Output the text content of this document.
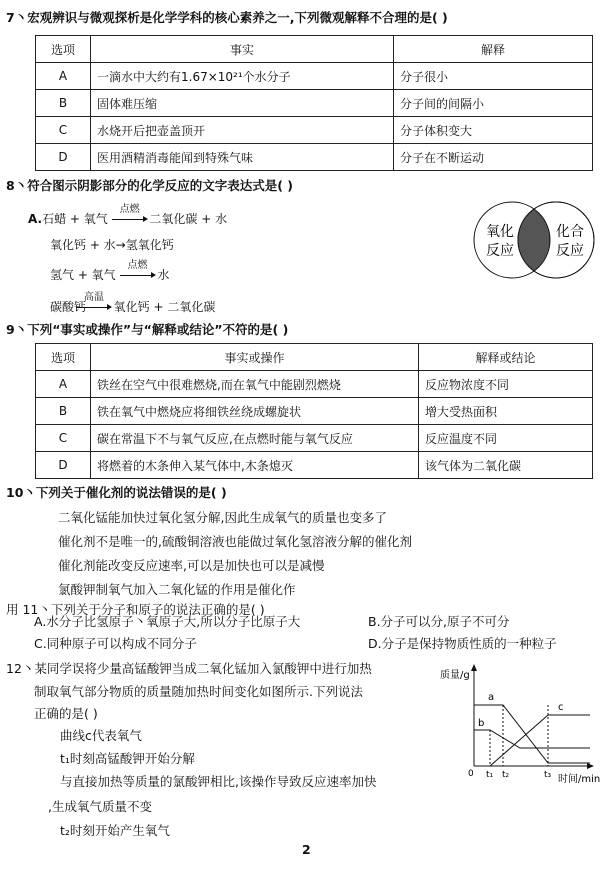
7丶宏观辨识与微观探析是化学学科的核心素养之一,下列微观解释不合理的是( )
选项	事实	解释
A	一滴水中大约有1.67×10²¹个水分子	分子很小
B	固体难压缩	分子间的间隔小
C	水烧开后把壶盖顶开	分子体积变大
D	医用酒精消毒能闻到特殊气味	分子在不断运动
8丶符合图示阴影部分的化学反应的文字表达式是( )
A.石蜡 + 氧气
点燃
二氧化碳 + 水
氧化钙 + 水→氢氧化钙
氢气 + 氧气
点燃
水
碳酸钙
高温
氧化钙 + 二氧化碳
氧化
反应
化合
反应
9丶下列“事实或操作”与“解释或结论”不符的是( )
选项	事实或操作	解释或结论
A	铁丝在空气中很难燃烧,而在氧气中能剧烈燃烧	反应物浓度不同
B	铁在氧气中燃烧应将细铁丝绕成螺旋状	增大受热面积
C	碳在常温下不与氧气反应,在点燃时能与氧气反应	反应温度不同
D	将燃着的木条伸入某气体中,木条熄灭	该气体为二氧化碳
10丶下列关于催化剂的说法错误的是( )
二氧化锰能加快过氧化氢分解,因此生成氧气的质量也变多了
催化剂不是唯一的,硫酸铜溶液也能做过氧化氢溶液分解的催化剂
催化剂能改变反应速率,可以是加快也可以是减慢
氯酸钾制氧气加入二氧化锰的作用是催化作
用 11丶下列关于分子和原子的说法正确的是( )
A.水分子比氢原子丶氧原子大,所以分子比原子大	B.分子可以分,原子不可分
C.同种原子可以构成不同分子	D.分子是保持物质性质的一种粒子
12丶某同学误将少量高锰酸钾当成二氧化锰加入氯酸钾中进行加热
制取氧气部分物质的质量随加热时间变化如图所示.下列说法
正确的是( )
曲线c代表氧气
t₁时刻高锰酸钾开始分解
与直接加热等质量的氯酸钾相比,该操作导致反应速率加快
,生成氧气质量不变
t₂时刻开始产生氧气
质量/g
时间/min
0 t₁ t₂	t₃
a
b
c
2
